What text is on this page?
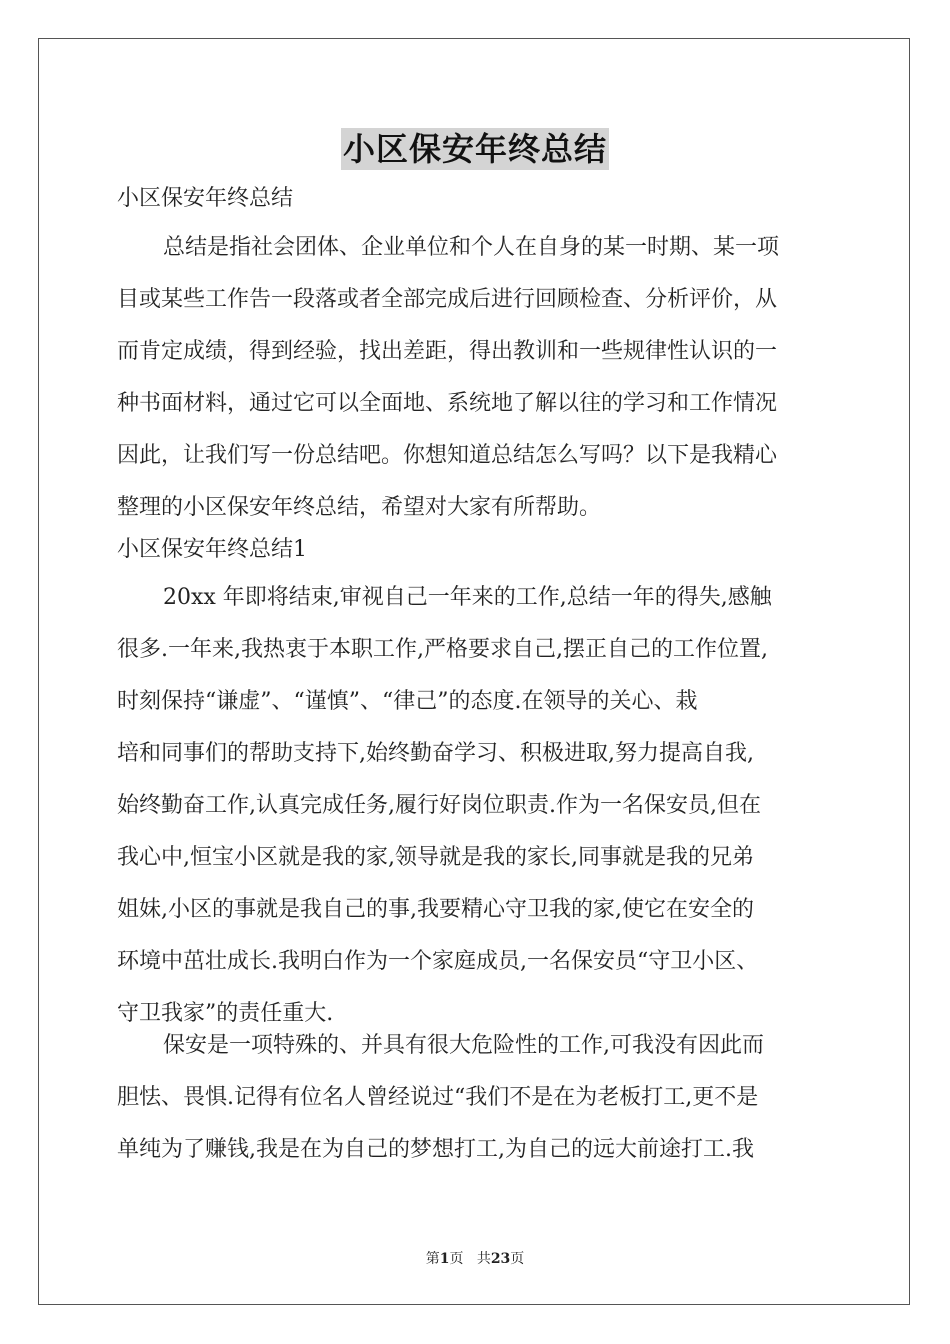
小区保安年终总结
小区保安年终总结
总结是指社会团体、企业单位和个人在自身的某一时期、某一项
目或某些工作告一段落或者全部完成后进行回顾检查、分析评价，从
而肯定成绩，得到经验，找出差距，得出教训和一些规律性认识的一
种书面材料，通过它可以全面地、系统地了解以往的学习和工作情况
因此，让我们写一份总结吧。你想知道总结怎么写吗？以下是我精心
整理的小区保安年终总结，希望对大家有所帮助。
小区保安年终总结1
20xx 年即将结束,审视自己一年来的工作,总结一年的得失,感触
很多.一年来,我热衷于本职工作,严格要求自己,摆正自己的工作位置,
时刻保持“谦虚”、“谨慎”、“律己”的态度.在领导的关心、栽
培和同事们的帮助支持下,始终勤奋学习、积极进取,努力提高自我,
始终勤奋工作,认真完成任务,履行好岗位职责.作为一名保安员,但在
我心中,恒宝小区就是我的家,领导就是我的家长,同事就是我的兄弟
姐妹,小区的事就是我自己的事,我要精心守卫我的家,使它在安全的
环境中茁壮成长.我明白作为一个家庭成员,一名保安员“守卫小区、
守卫我家”的责任重大.
保安是一项特殊的、并具有很大危险性的工作,可我没有因此而
胆怯、畏惧.记得有位名人曾经说过“我们不是在为老板打工,更不是
单纯为了赚钱,我是在为自己的梦想打工,为自己的远大前途打工.我
第1页 共23页
